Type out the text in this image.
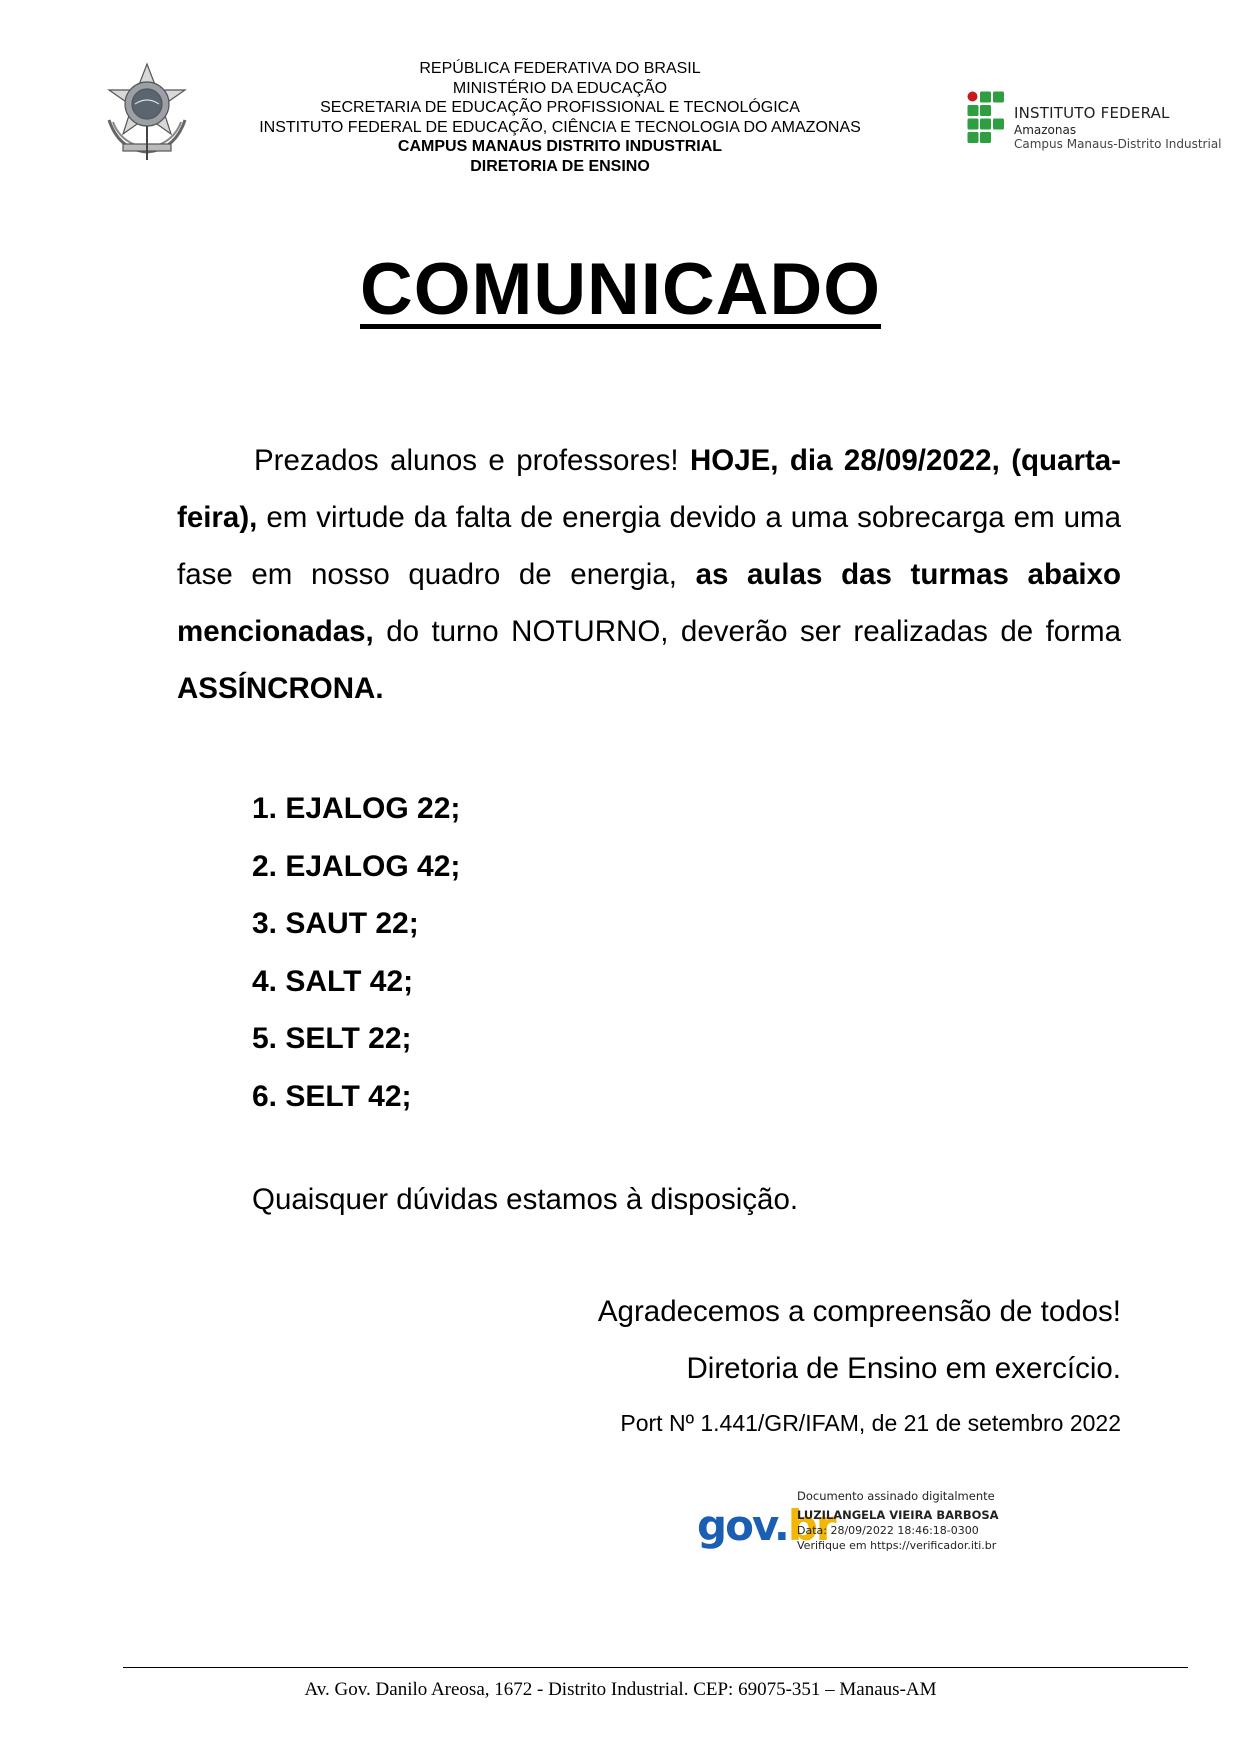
REPÚBLICA FEDERATIVA DO BRASIL
MINISTÉRIO DA EDUCAÇÃO
SECRETARIA DE EDUCAÇÃO PROFISSIONAL E TECNOLÓGICA
INSTITUTO FEDERAL DE EDUCAÇÃO, CIÊNCIA E TECNOLOGIA DO AMAZONAS
CAMPUS MANAUS DISTRITO INDUSTRIAL
DIRETORIA DE ENSINO
INSTITUTO FEDERAL
Amazonas
Campus Manaus-Distrito Industrial
COMUNICADO
Prezados alunos e professores! HOJE, dia 28/09/2022, (quarta-feira), em virtude da falta de energia devido a uma sobrecarga em uma fase em nosso quadro de energia, as aulas das turmas abaixo mencionadas, do turno NOTURNO, deverão ser realizadas de forma ASSÍNCRONA.
1. EJALOG 22;
2. EJALOG 42;
3. SAUT 22;
4. SALT 42;
5. SELT 22;
6. SELT 42;
Quaisquer dúvidas estamos à disposição.
Agradecemos a compreensão de todos!
Diretoria de Ensino em exercício.
Port Nº 1.441/GR/IFAM, de 21 de setembro 2022
gov.br
Documento assinado digitalmente
LUZILANGELA VIEIRA BARBOSA
Data: 28/09/2022 18:46:18-0300
Verifique em https://verificador.iti.br
Av. Gov. Danilo Areosa, 1672 - Distrito Industrial. CEP: 69075-351 – Manaus-AM
